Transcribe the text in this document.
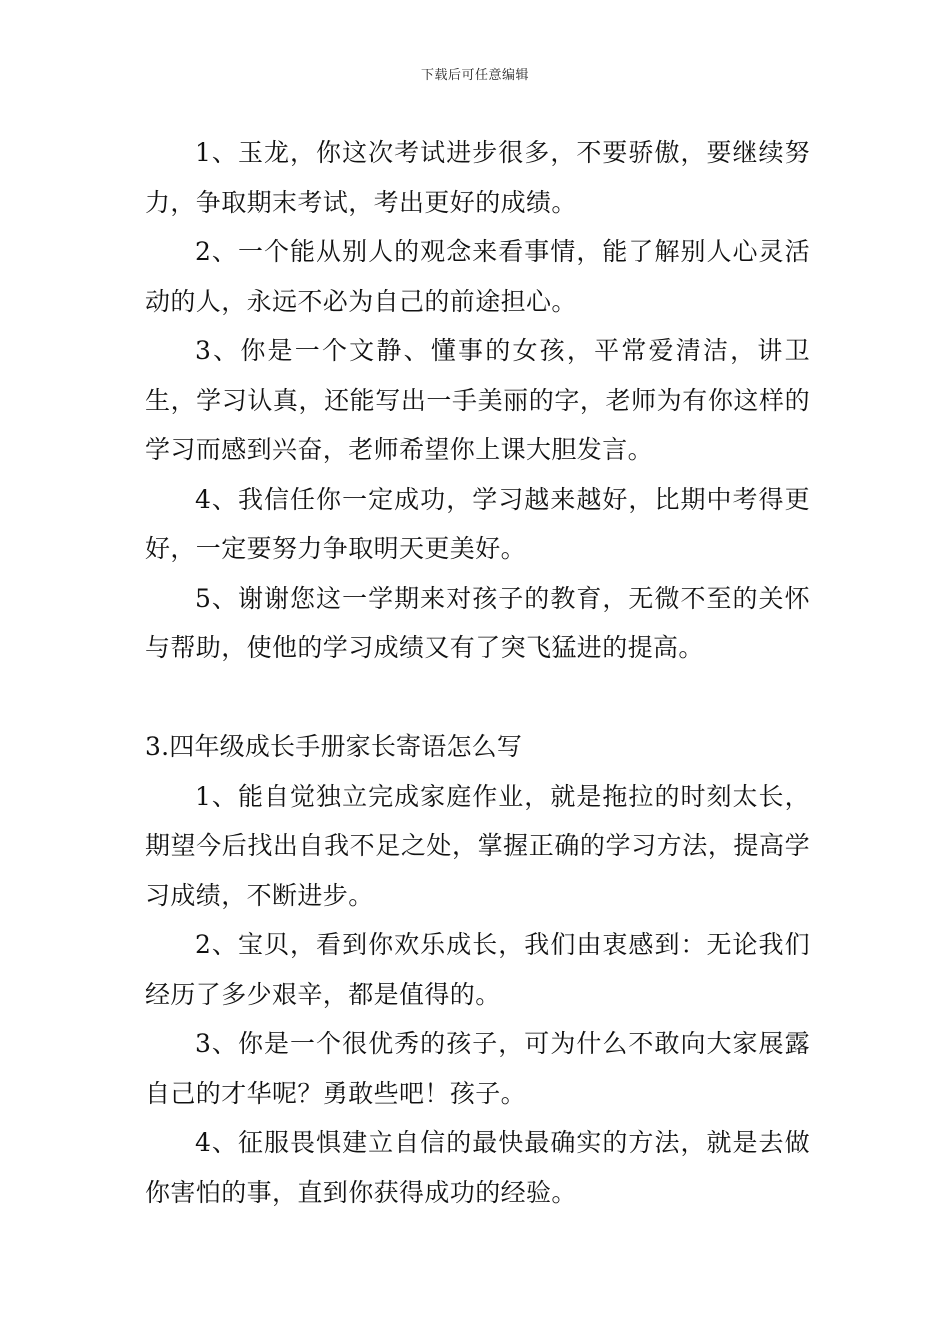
下载后可任意编辑

1、玉龙，你这次考试进步很多，不要骄傲，要继续努力，争取期末考试，考出更好的成绩。

2、一个能从别人的观念来看事情，能了解别人心灵活动的人，永远不必为自己的前途担心。

3、你是一个文静、懂事的女孩，平常爱清洁，讲卫生，学习认真，还能写出一手美丽的字，老师为有你这样的学习而感到兴奋，老师希望你上课大胆发言。

4、我信任你一定成功，学习越来越好，比期中考得更好，一定要努力争取明天更美好。

5、谢谢您这一学期来对孩子的教育，无微不至的关怀与帮助，使他的学习成绩又有了突飞猛进的提高。

3.四年级成长手册家长寄语怎么写

1、能自觉独立完成家庭作业，就是拖拉的时刻太长，期望今后找出自我不足之处，掌握正确的学习方法，提高学习成绩，不断进步。

2、宝贝，看到你欢乐成长，我们由衷感到：无论我们经历了多少艰辛，都是值得的。

3、你是一个很优秀的孩子，可为什么不敢向大家展露自己的才华呢？勇敢些吧！孩子。

4、征服畏惧建立自信的最快最确实的方法，就是去做你害怕的事，直到你获得成功的经验。
